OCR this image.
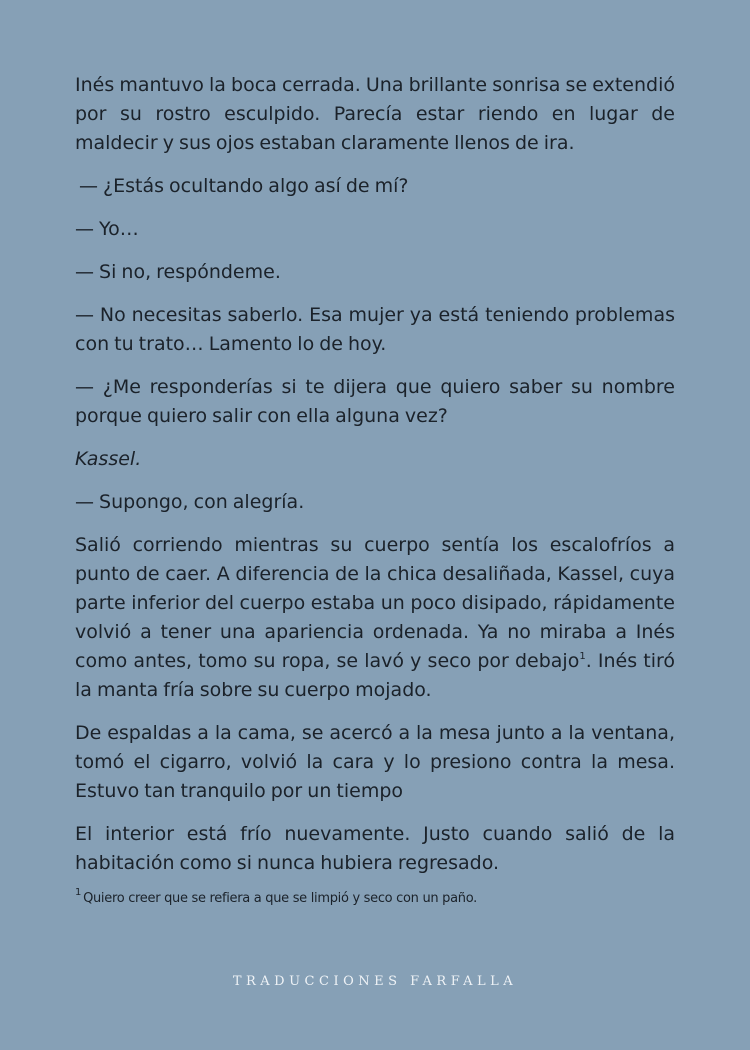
Inés mantuvo la boca cerrada. Una brillante sonrisa se extendió por su rostro esculpido. Parecía estar riendo en lugar de maldecir y sus ojos estaban claramente llenos de ira.

— ¿Estás ocultando algo así de mí?

— Yo…

— Si no, respóndeme.

— No necesitas saberlo. Esa mujer ya está teniendo problemas con tu trato… Lamento lo de hoy.

— ¿Me responderías si te dijera que quiero saber su nombre porque quiero salir con ella alguna vez?

Kassel.

— Supongo, con alegría.

Salió corriendo mientras su cuerpo sentía los escalofríos a punto de caer. A diferencia de la chica desaliñada, Kassel, cuya parte inferior del cuerpo estaba un poco disipado, rápidamente volvió a tener una apariencia ordenada. Ya no miraba a Inés como antes, tomo su ropa, se lavó y seco por debajo$^1$. Inés tiró la manta fría sobre su cuerpo mojado.

De espaldas a la cama, se acercó a la mesa junto a la ventana, tomó el cigarro, volvió la cara y lo presiono contra la mesa. Estuvo tan tranquilo por un tiempo

El interior está frío nuevamente. Justo cuando salió de la habitación como si nunca hubiera regresado.

$^1$ Quiero creer que se refiera a que se limpió y seco con un paño.

TRADUCCIONES FARFALLA
